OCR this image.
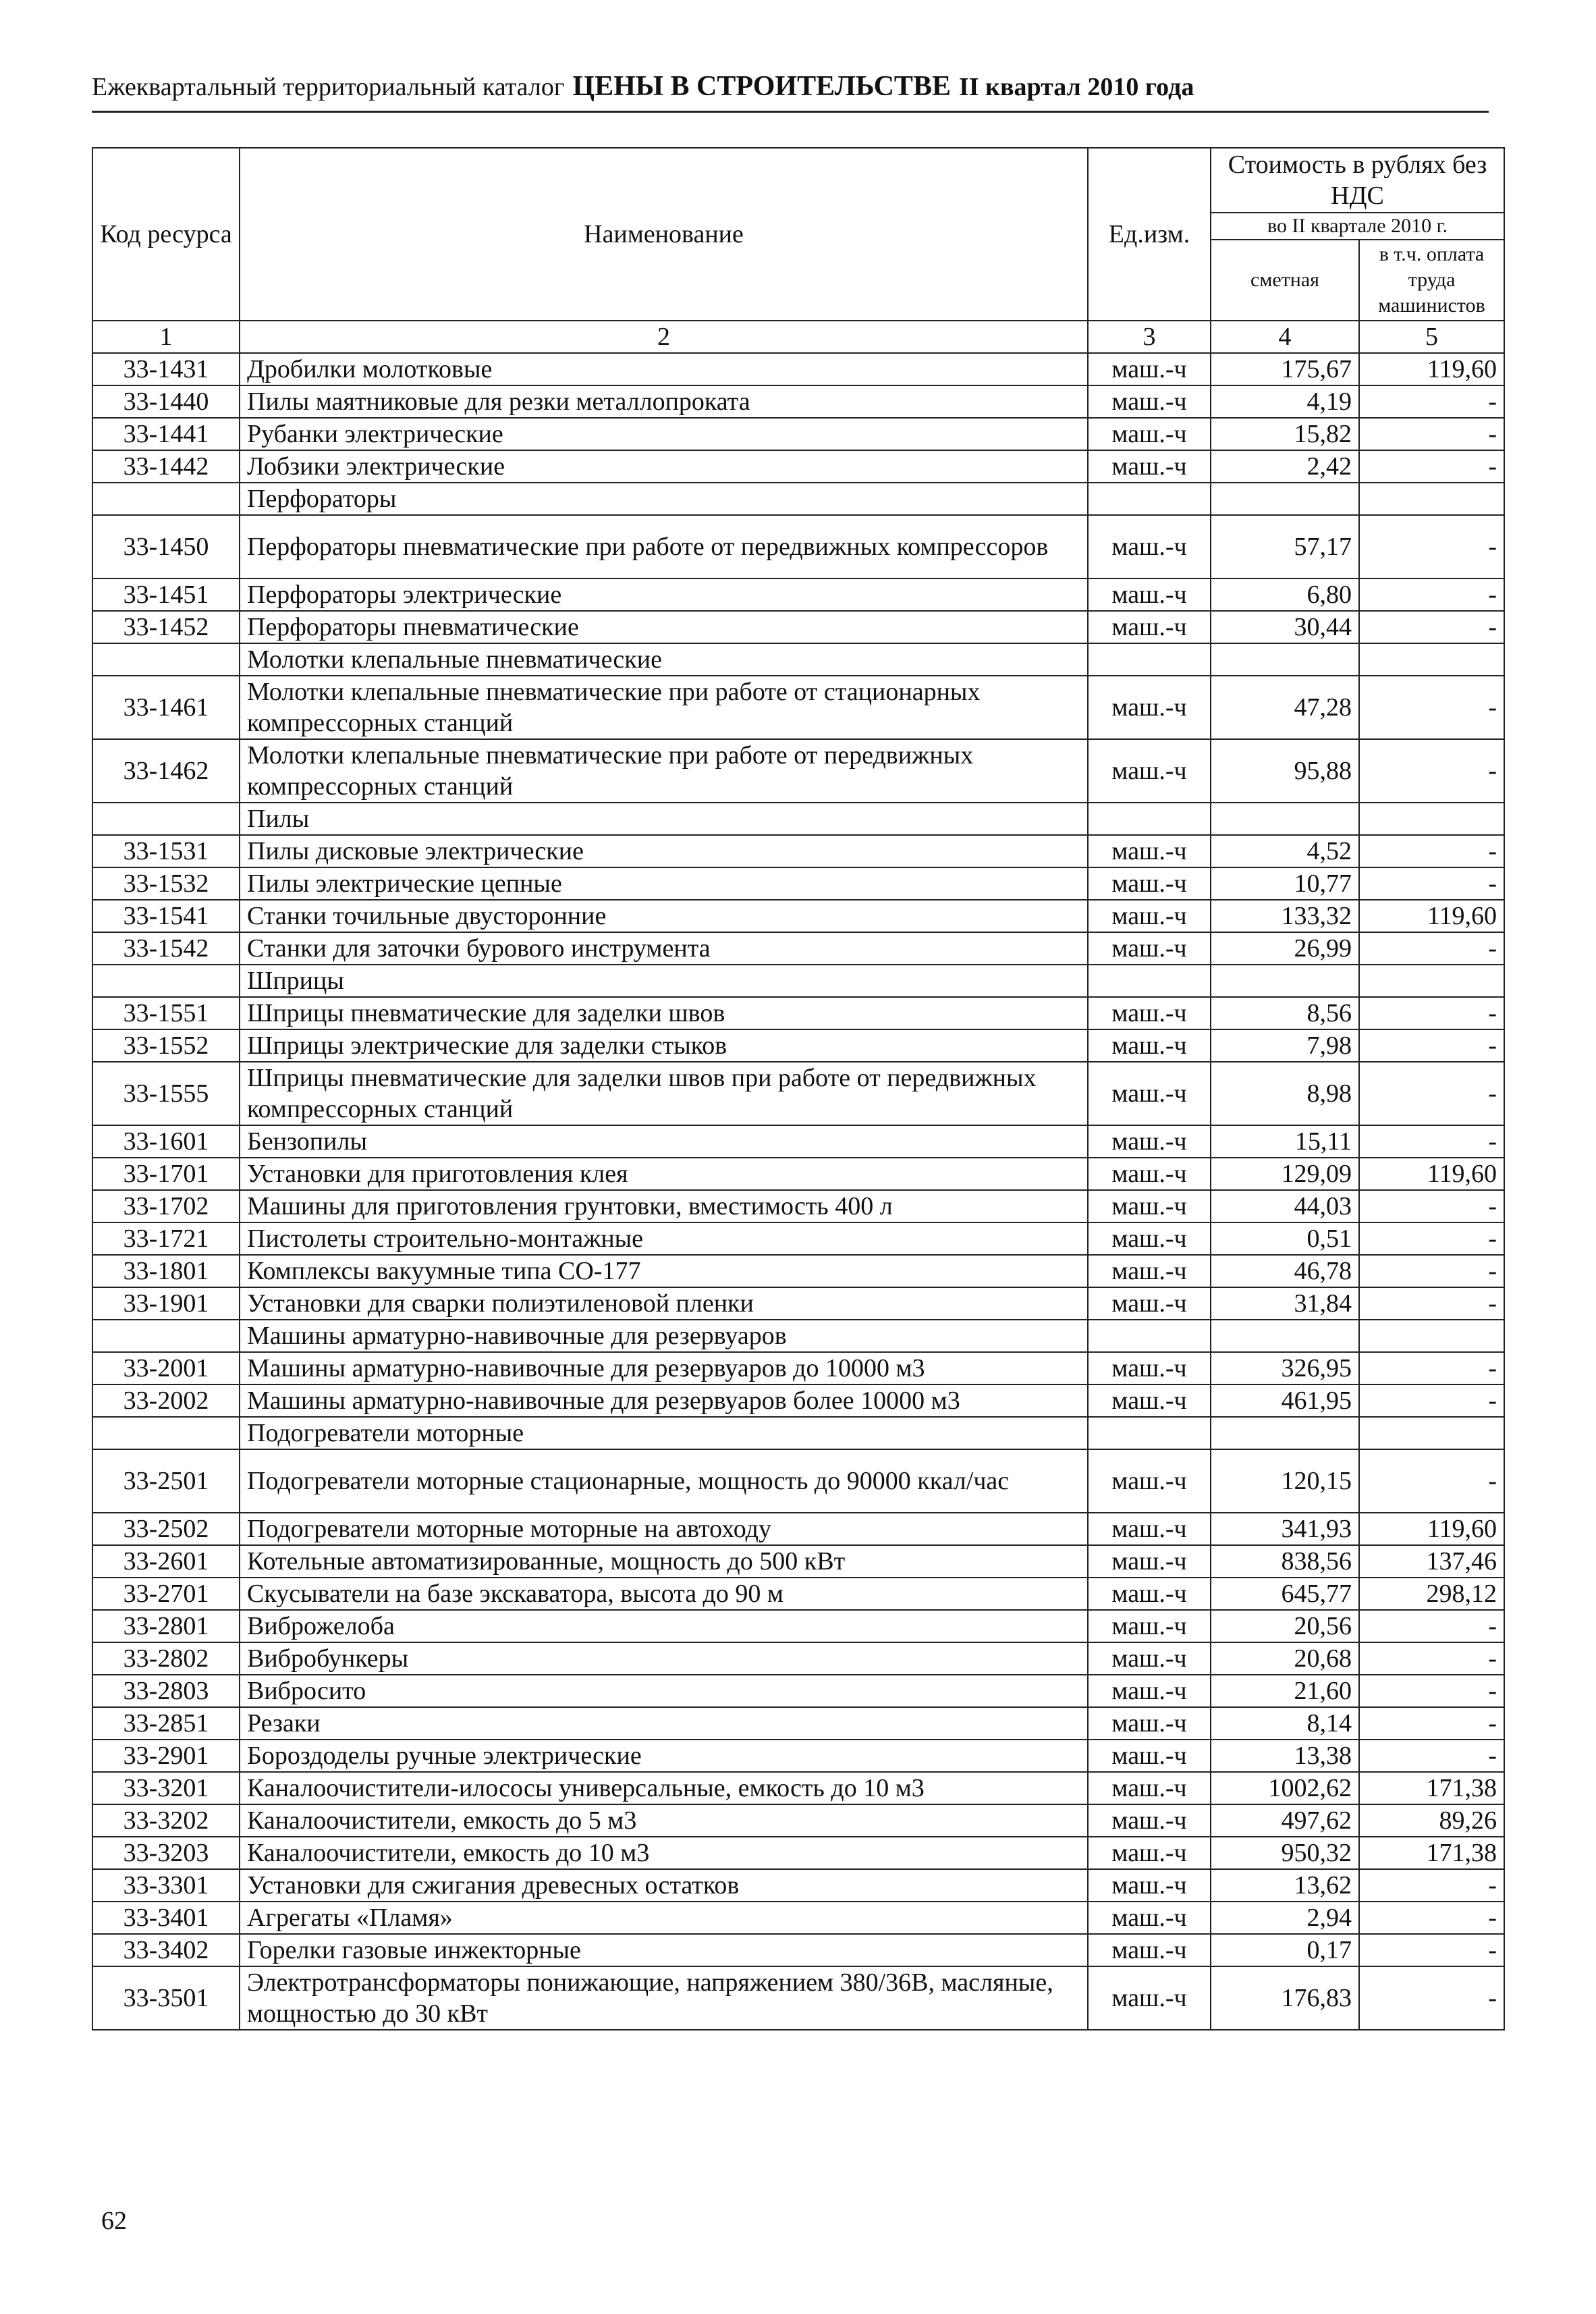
Ежеквартальный территориальный каталог ЦЕНЫ В СТРОИТЕЛЬСТВЕ II квартал 2010 года
Код ресурса	Наименование	Ед.изм.	Стоимость в рублях без НДС	
			во II квартале 2010 г.	
			сметная	в т.ч. оплата труда машинистов
1	2	3	4	5
33-1431	Дробилки молотковые	маш.-ч	175,67	119,60
33-1440	Пилы маятниковые для резки металлопроката	маш.-ч	4,19	-
33-1441	Рубанки электрические	маш.-ч	15,82	-
33-1442	Лобзики электрические	маш.-ч	2,42	-
	Перфораторы			
33-1450	Перфораторы пневматические при работе от передвижных компрессоров	маш.-ч	57,17	-
33-1451	Перфораторы электрические	маш.-ч	6,80	-
33-1452	Перфораторы пневматические	маш.-ч	30,44	-
	Молотки клепальные пневматические			
33-1461	Молотки клепальные пневматические при работе от стационарных компрессорных станций	маш.-ч	47,28	-
33-1462	Молотки клепальные пневматические при работе от передвижных компрессорных станций	маш.-ч	95,88	-
	Пилы			
33-1531	Пилы дисковые электрические	маш.-ч	4,52	-
33-1532	Пилы электрические цепные	маш.-ч	10,77	-
33-1541	Станки точильные двусторонние	маш.-ч	133,32	119,60
33-1542	Станки для заточки бурового инструмента	маш.-ч	26,99	-
	Шприцы			
33-1551	Шприцы пневматические для заделки швов	маш.-ч	8,56	-
33-1552	Шприцы электрические для заделки стыков	маш.-ч	7,98	-
33-1555	Шприцы пневматические для заделки швов при работе от передвижных компрессорных станций	маш.-ч	8,98	-
33-1601	Бензопилы	маш.-ч	15,11	-
33-1701	Установки для приготовления клея	маш.-ч	129,09	119,60
33-1702	Машины для приготовления грунтовки, вместимость 400 л	маш.-ч	44,03	-
33-1721	Пистолеты строительно-монтажные	маш.-ч	0,51	-
33-1801	Комплексы вакуумные типа СО-177	маш.-ч	46,78	-
33-1901	Установки для сварки полиэтиленовой пленки	маш.-ч	31,84	-
	Машины арматурно-навивочные для резервуаров			
33-2001	Машины арматурно-навивочные для резервуаров до 10000 м3	маш.-ч	326,95	-
33-2002	Машины арматурно-навивочные для резервуаров более 10000 м3	маш.-ч	461,95	-
	Подогреватели моторные			
33-2501	Подогреватели моторные стационарные, мощность до 90000 ккал/час	маш.-ч	120,15	-
33-2502	Подогреватели моторные моторные на автоходу	маш.-ч	341,93	119,60
33-2601	Котельные автоматизированные, мощность до 500 кВт	маш.-ч	838,56	137,46
33-2701	Скусыватели на базе экскаватора, высота до 90 м	маш.-ч	645,77	298,12
33-2801	Виброжелоба	маш.-ч	20,56	-
33-2802	Вибробункеры	маш.-ч	20,68	-
33-2803	Вибросито	маш.-ч	21,60	-
33-2851	Резаки	маш.-ч	8,14	-
33-2901	Бороздоделы ручные электрические	маш.-ч	13,38	-
33-3201	Каналоочистители-илососы универсальные, емкость до 10 м3	маш.-ч	1002,62	171,38
33-3202	Каналоочистители, емкость до 5 м3	маш.-ч	497,62	89,26
33-3203	Каналоочистители, емкость до 10 м3	маш.-ч	950,32	171,38
33-3301	Установки для сжигания древесных остатков	маш.-ч	13,62	-
33-3401	Агрегаты «Пламя»	маш.-ч	2,94	-
33-3402	Горелки газовые инжекторные	маш.-ч	0,17	-
33-3501	Электротрансформаторы понижающие, напряжением 380/36В, масляные, мощностью до 30 кВт	маш.-ч	176,83	-
62
